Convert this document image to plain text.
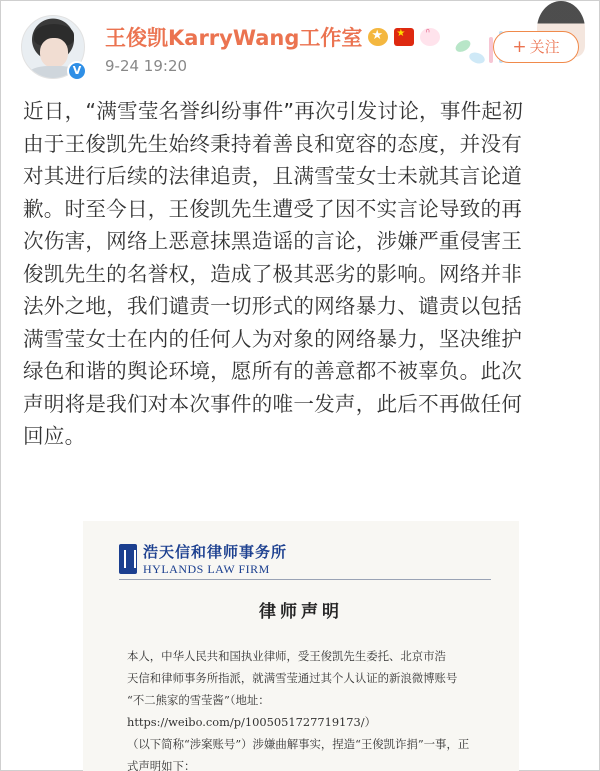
V
王俊凯KarryWang工作室
★
★
ᐢ
9-24 19:20
+ 关注
近日，“满雪莹名誉纠纷事件”再次引发讨论，事件起初
由于王俊凯先生始终秉持着善良和宽容的态度，并没有
对其进行后续的法律追责，且满雪莹女士未就其言论道
歉。时至今日，王俊凯先生遭受了因不实言论导致的再
次伤害，网络上恶意抹黑造谣的言论，涉嫌严重侵害王
俊凯先生的名誉权，造成了极其恶劣的影响。网络并非
法外之地，我们谴责一切形式的网络暴力、谴责以包括
满雪莹女士在内的任何人为对象的网络暴力，坚决维护
绿色和谐的舆论环境，愿所有的善意都不被辜负。此次
声明将是我们对本次事件的唯一发声，此后不再做任何
回应。
浩天信和律师事务所
HYLANDS LAW FIRM
律师声明
本人，中华人民共和国执业律师，受王俊凯先生委托、北京市浩
天信和律师事务所指派，就满雪莹通过其个人认证的新浪微博账号
“不二熊家的雪莹酱”（地址：https://weibo.com/p/1005051727719173/）
（以下简称“涉案账号”）涉嫌曲解事实，捏造“王俊凯诈捐”一事，正
式声明如下：
